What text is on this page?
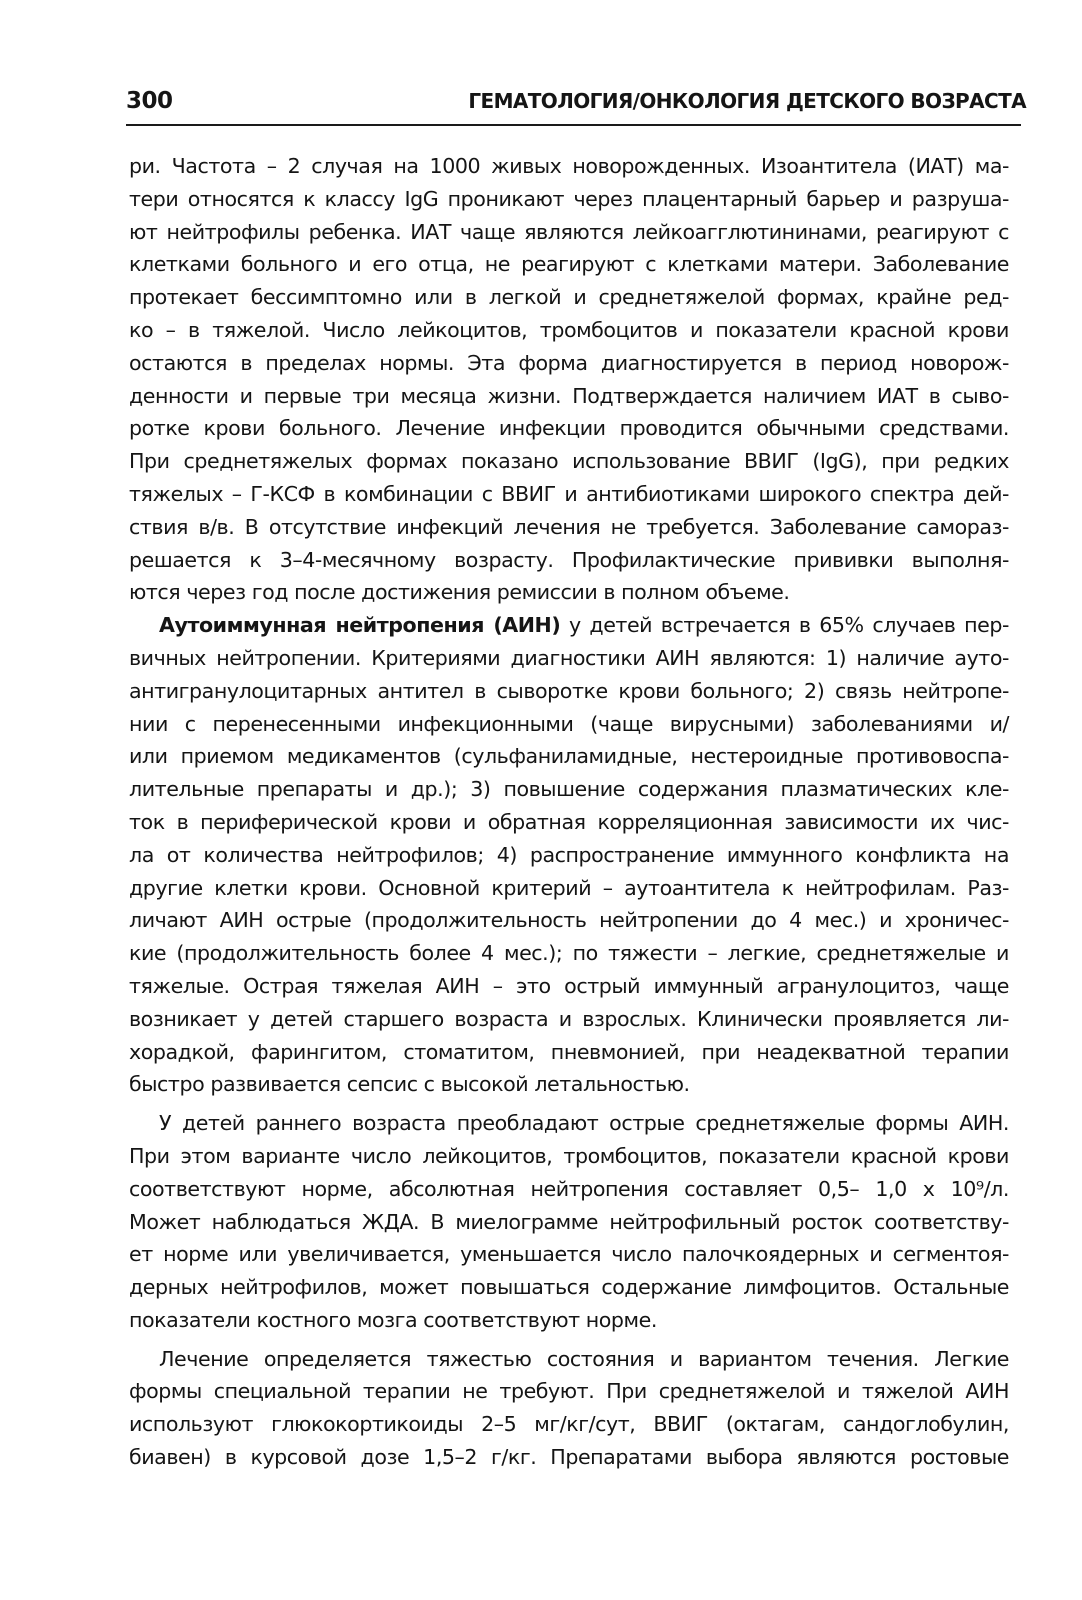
300	ГЕМАТОЛОГИЯ/ОНКОЛОГИЯ ДЕТСКОГО ВОЗРАСТА
ри. Частота – 2 случая на 1000 живых новорожденных. Изоантитела (ИАТ) ма-
тери относятся к классу IgG проникают через плацентарный барьер и разруша-
ют нейтрофилы ребенка. ИАТ чаще являются лейкоагглютининами, реагируют с
клетками больного и его отца, не реагируют с клетками матери. Заболевание
протекает бессимптомно или в легкой и среднетяжелой формах, крайне ред-
ко – в тяжелой. Число лейкоцитов, тромбоцитов и показатели красной крови
остаются в пределах нормы. Эта форма диагностируется в период новорож-
денности и первые три месяца жизни. Подтверждается наличием ИАТ в сыво-
ротке крови больного. Лечение инфекции проводится обычными средствами.
При среднетяжелых формах показано использование ВВИГ (IgG), при редких
тяжелых – Г-КСФ в комбинации с ВВИГ и антибиотиками широкого спектра дей-
ствия в/в. В отсутствие инфекций лечения не требуется. Заболевание самораз-
решается к 3–4-месячному возрасту. Профилактические прививки выполня-
ются через год после достижения ремиссии в полном объеме.
Аутоиммунная нейтропения (АИН) у детей встречается в 65% случаев пер-
вичных нейтропении. Критериями диагностики АИН являются: 1) наличие ауто-
антигранулоцитарных антител в сыворотке крови больного; 2) связь нейтропе-
нии с перенесенными инфекционными (чаще вирусными) заболеваниями и/
или приемом медикаментов (сульфаниламидные, нестероидные противовоспа-
лительные препараты и др.); 3) повышение содержания плазматических кле-
ток в периферической крови и обратная корреляционная зависимости их чис-
ла от количества нейтрофилов; 4) распространение иммунного конфликта на
другие клетки крови. Основной критерий – аутоантитела к нейтрофилам. Раз-
личают АИН острые (продолжительность нейтропении до 4 мес.) и хроничес-
кие (продолжительность более 4 мес.); по тяжести – легкие, среднетяжелые и
тяжелые. Острая тяжелая АИН – это острый иммунный агранулоцитоз, чаще
возникает у детей старшего возраста и взрослых. Клинически проявляется ли-
хорадкой, фарингитом, стоматитом, пневмонией, при неадекватной терапии
быстро развивается сепсис с высокой летальностью.
У детей раннего возраста преобладают острые среднетяжелые формы АИН.
При этом варианте число лейкоцитов, тромбоцитов, показатели красной крови
соответствуют норме, абсолютная нейтропения составляет 0,5– 1,0 x 10⁹/л.
Может наблюдаться ЖДА. В миелограмме нейтрофильный росток соответству-
ет норме или увеличивается, уменьшается число палочкоядерных и сегментоя-
дерных нейтрофилов, может повышаться содержание лимфоцитов. Остальные
показатели костного мозга соответствуют норме.
Лечение определяется тяжестью состояния и вариантом течения. Легкие
формы специальной терапии не требуют. При среднетяжелой и тяжелой АИН
используют глюкокортикоиды 2–5 мг/кг/сут, ВВИГ (октагам, сандоглобулин,
биавен) в курсовой дозе 1,5–2 г/кг. Препаратами выбора являются ростовые
